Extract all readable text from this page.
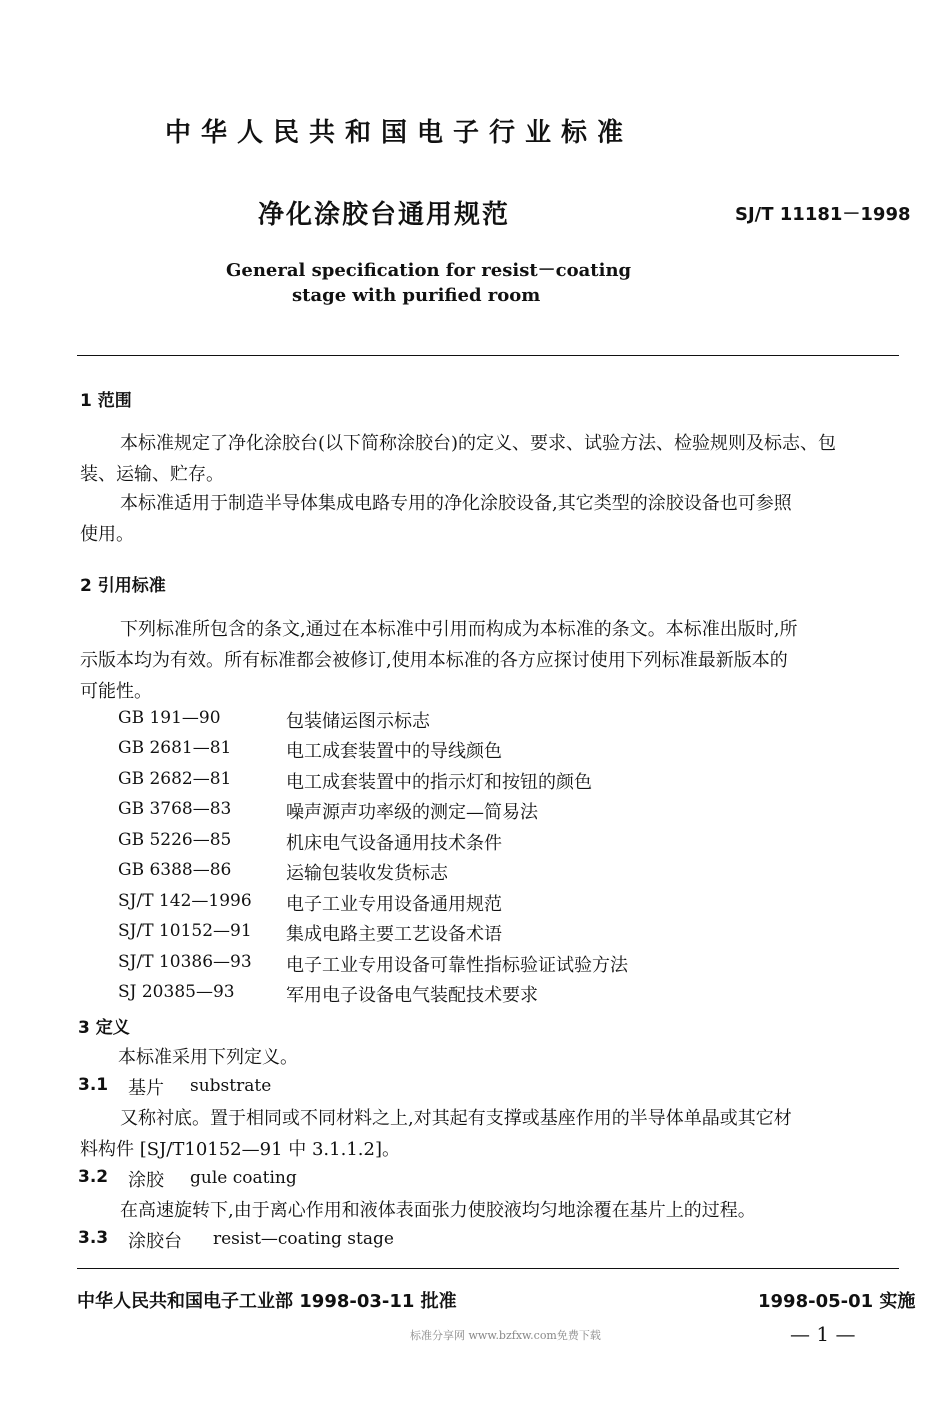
中华人民共和国电子行业标准
净化涂胶台通用规范	SJ/T 11181－1998
General specification for resist－coating
stage with purified room
1 范围
本标准规定了净化涂胶台(以下简称涂胶台)的定义、要求、试验方法、检验规则及标志、包
装、运输、贮存。
本标准适用于制造半导体集成电路专用的净化涂胶设备,其它类型的涂胶设备也可参照
使用。
2 引用标准
下列标准所包含的条文,通过在本标准中引用而构成为本标准的条文。本标准出版时,所
示版本均为有效。所有标准都会被修订,使用本标准的各方应探讨使用下列标准最新版本的
可能性。
GB 191—90	包装储运图示标志
GB 2681—81	电工成套装置中的导线颜色
GB 2682—81	电工成套装置中的指示灯和按钮的颜色
GB 3768—83	噪声源声功率级的测定—简易法
GB 5226—85	机床电气设备通用技术条件
GB 6388—86	运输包装收发货标志
SJ/T 142—1996 电子工业专用设备通用规范
SJ/T 10152—91 集成电路主要工艺设备术语
SJ/T 10386—93 电子工业专用设备可靠性指标验证试验方法
SJ 20385—93	军用电子设备电气装配技术要求
3 定义
本标准采用下列定义。
3.1 基片 substrate
又称衬底。置于相同或不同材料之上,对其起有支撑或基座作用的半导体单晶或其它材
料构件 [SJ/T10152—91 中 3.1.1.2]。
3.2 涂胶 gule coating
在高速旋转下,由于离心作用和液体表面张力使胶液均匀地涂覆在基片上的过程。
3.3 涂胶台 resist—coating stage
中华人民共和国电子工业部 1998-03-11 批准	1998-05-01 实施
标准分享网 www.bzfxw.com免费下载	— 1 —
